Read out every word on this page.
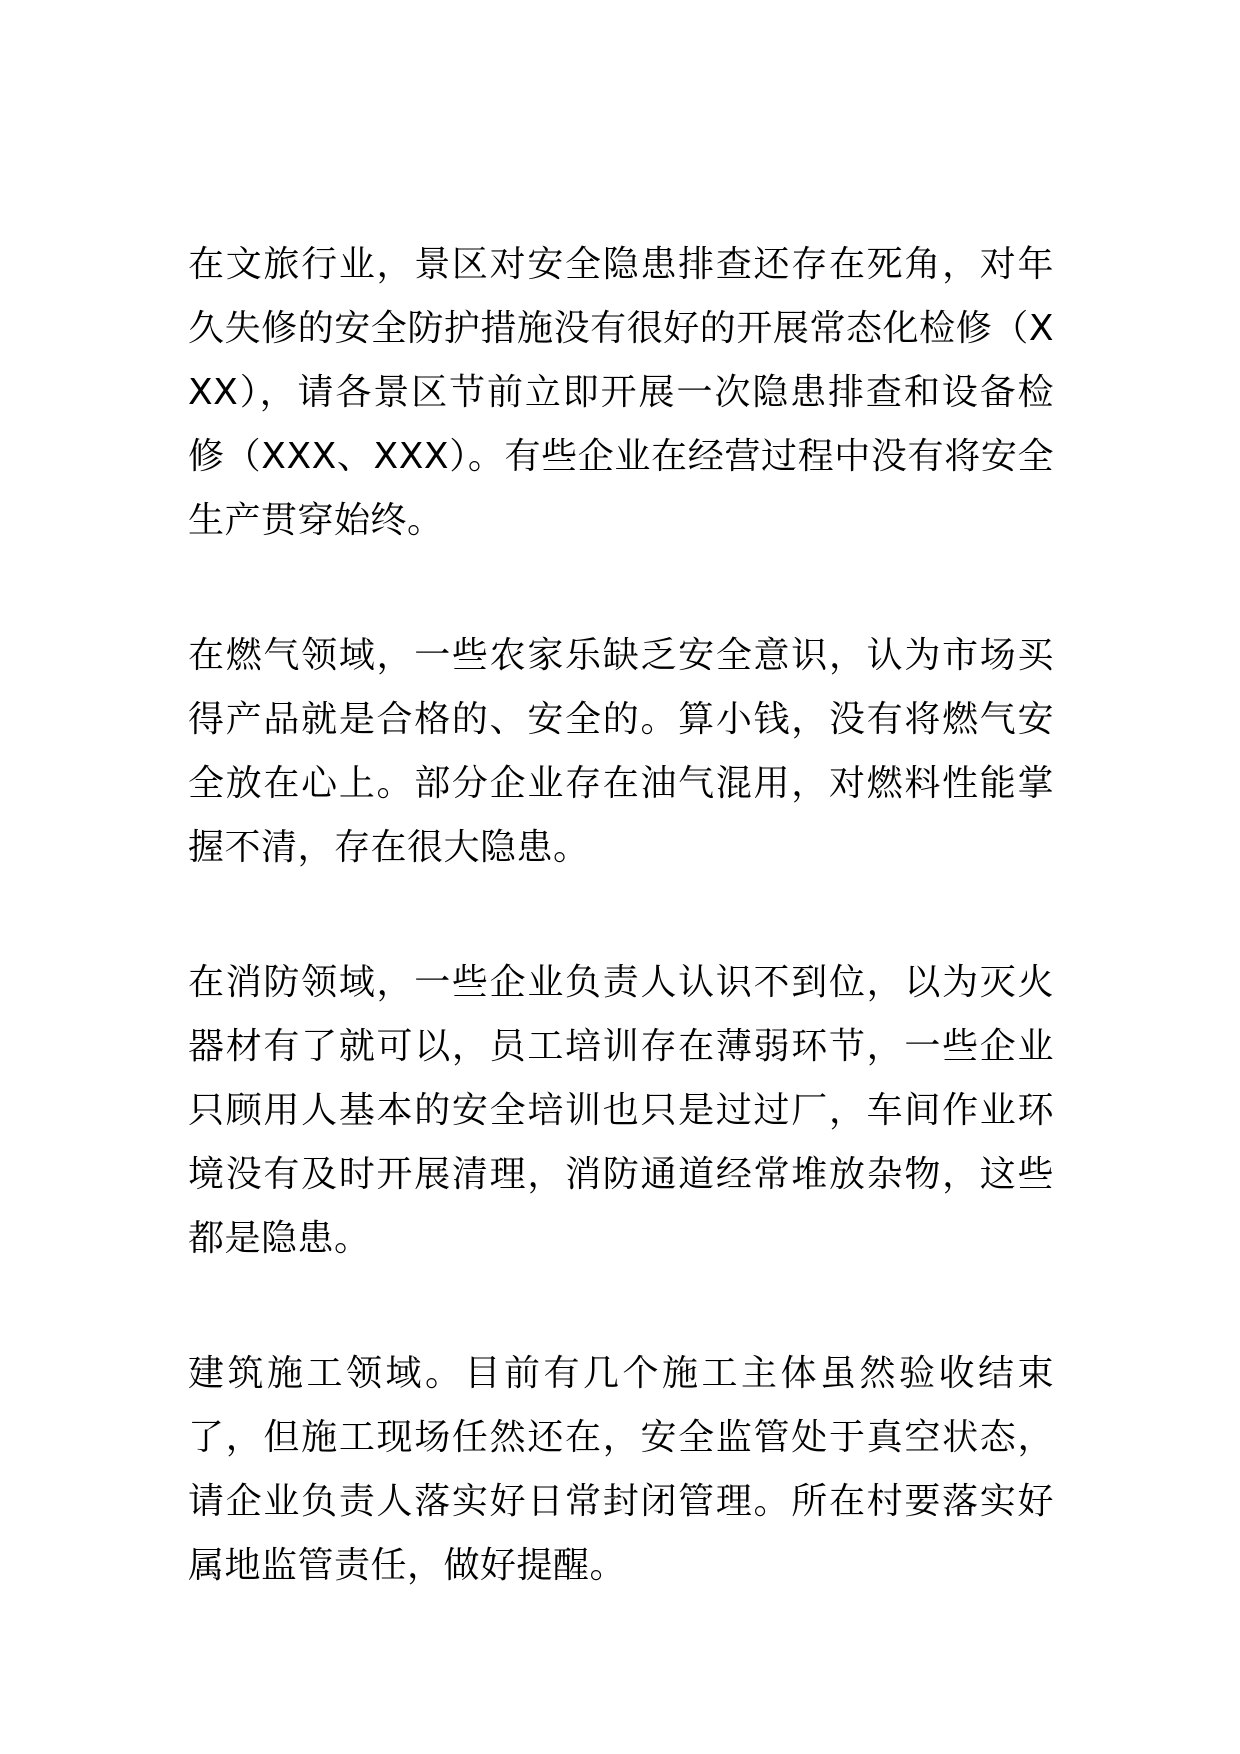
在文旅行业，景区对安全隐患排查还存在死角，对年久失修的安全防护措施没有很好的开展常态化检修（XXX），请各景区节前立即开展一次隐患排查和设备检修（XXX、XXX）。有些企业在经营过程中没有将安全生产贯穿始终。

在燃气领域，一些农家乐缺乏安全意识，认为市场买得产品就是合格的、安全的。算小钱，没有将燃气安全放在心上。部分企业存在油气混用，对燃料性能掌握不清，存在很大隐患。

在消防领域，一些企业负责人认识不到位，以为灭火器材有了就可以，员工培训存在薄弱环节，一些企业只顾用人基本的安全培训也只是过过厂，车间作业环境没有及时开展清理，消防通道经常堆放杂物，这些都是隐患。

建筑施工领域。目前有几个施工主体虽然验收结束了，但施工现场任然还在，安全监管处于真空状态，请企业负责人落实好日常封闭管理。所在村要落实好属地监管责任，做好提醒。
